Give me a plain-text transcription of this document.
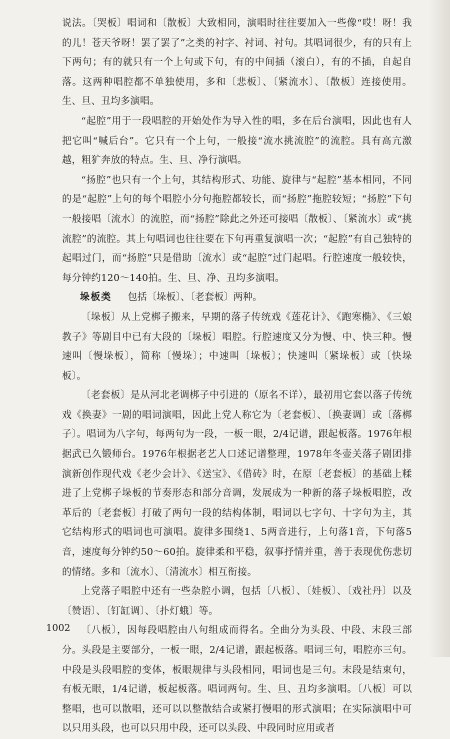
说法。〔哭板〕唱词和〔散板〕大致相同，演唱时往往要加入一些像“哎！呀！我的儿！苍天爷呀！罢了罢了”之类的衬字、衬词、衬句。其唱词很少，有的只有上下两句；有的就只有一个上句或下句，有的中间插（滚白），有的不插，自起自落。这两种唱腔都不单独使用，多和〔悲板〕、〔紧流水〕、〔散板〕连接使用。生、旦、丑均多演唱。

“起腔”用于一段唱腔的开始处作为导入性的唱，多在后台演唱，因此也有人把它叫“喊后台”。它只有一个上句，一般接“流水挑流腔”的流腔。具有高亢激越，粗犷奔放的特点。生、旦、净行演唱。

“扬腔”也只有一个上句，其结构形式、功能、旋律与“起腔”基本相同，不同的是“起腔”上句的每个唱腔小分句拖腔都较长，而“扬腔”拖腔较短；“扬腔”下句一般接唱〔流水〕的流腔，而“扬腔”除此之外还可接唱〔散板〕、〔紧流水〕或“挑流腔”的流腔。其上句唱词也往往要在下句再重复演唱一次；“起腔”有自己独特的起唱过门，而“扬腔”只是借助〔流水〕或“起腔”过门起唱。行腔速度一般较快，每分钟约120～140拍。生、旦、净、丑均多演唱。

垛板类 包括〔垛板〕、〔老套板〕两种。

〔垛板〕从上党梆子搬来，早期的落子传统戏《莲花计》、《跑寒椭》、《三娘教子》等剧目中已有大段的〔垛板〕唱腔。行腔速度又分为慢、中、快三种。慢速叫〔慢垛板〕，简称〔慢垛〕；中速叫〔垛板〕；快速叫〔紧垛板〕或〔快垛板〕。

〔老套板〕是从河北老调梆子中引进的（原名不详），最初用它套以落子传统戏《换妻》一剧的唱词演唱，因此上党人称它为〔老套板〕、〔换妻调〕或〔落梆子〕。唱词为八字句，每两句为一段，一板一眼，2/4记谱，跟起板落。1976年根据武已久锻师台。1976年根据老艺人口述记谱整理，1978年冬壶关落子剧团排演新创作现代戏《老少会计》、《送宝》、《借砖》时，在原〔老套板〕的基础上糅进了上党梆子垛板的节奏形态和部分音调，发展成为一种新的落子垛板唱腔，改革后的〔老套板〕打破了两句一段的结构体制，唱词以七字句、十字句为主，其它结构形式的唱词也可演唱。旋律多围绕1、5两音进行，上句落1音，下句落5音，速度每分钟约50～60拍。旋律柔和平稳，叙事抒情并重，善于表现优伤悲切的情绪。多和〔流水〕、〔清流水〕相互衔接。

上党落子唱腔中还有一些杂腔小调，包括〔八板〕、〔娃板〕、〔戏社丹〕以及〔赞语〕、〔钉缸调〕、〔扑灯蛾〕等。

〔八板〕，因每段唱腔由八句组成而得名。全曲分为头段、中段、末段三部分。头段是主要部分，一板一眼，2/4记谱，跟起板落。唱词三句，唱腔亦三句。中段是头段唱腔的变体，板眼规律与头段相同，唱词也是三句。末段是结束句，有板无眼，1/4记谱，板起板落。唱词两句。生、旦、丑均多演唱。〔八板〕可以整唱，也可以散唱，还可以以整散结合或紧打慢唱的形式演唱；在实际演唱中可以只用头段，也可以只用中段，还可以头段、中段同时应用或者

1002
